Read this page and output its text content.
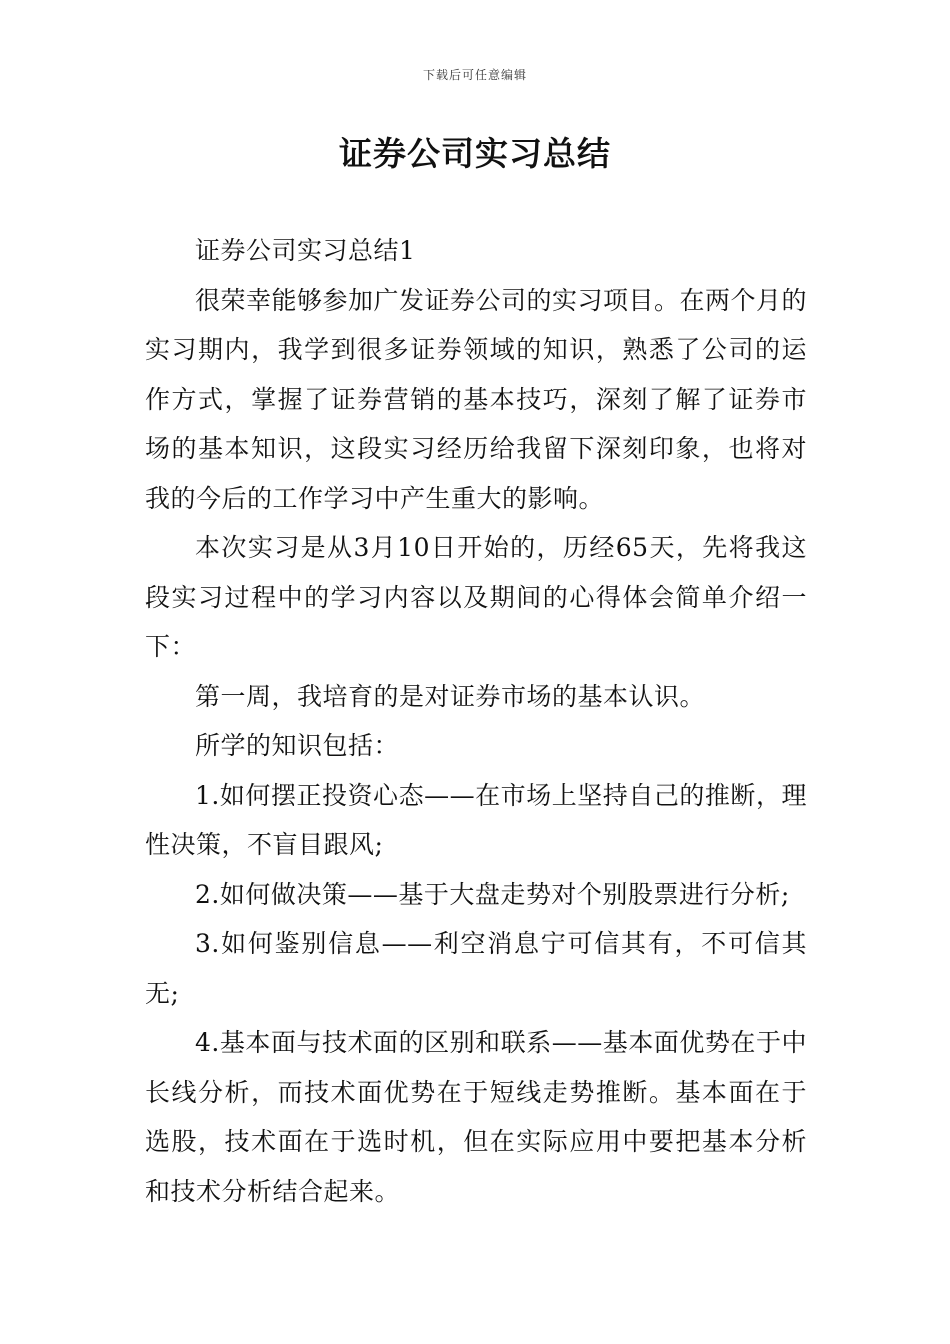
下载后可任意编辑
证券公司实习总结

证券公司实习总结1

很荣幸能够参加广发证券公司的实习项目。在两个月的实习期内，我学到很多证券领域的知识，熟悉了公司的运作方式，掌握了证券营销的基本技巧，深刻了解了证券市场的基本知识，这段实习经历给我留下深刻印象，也将对我的今后的工作学习中产生重大的影响。

本次实习是从3月10日开始的，历经65天，先将我这段实习过程中的学习内容以及期间的心得体会简单介绍一下：

第一周，我培育的是对证券市场的基本认识。

所学的知识包括：

1.如何摆正投资心态——在市场上坚持自己的推断，理性决策，不盲目跟风;

2.如何做决策——基于大盘走势对个别股票进行分析;

3.如何鉴别信息——利空消息宁可信其有，不可信其无;

4.基本面与技术面的区别和联系——基本面优势在于中长线分析，而技术面优势在于短线走势推断。基本面在于选股，技术面在于选时机，但在实际应用中要把基本分析和技术分析结合起来。
